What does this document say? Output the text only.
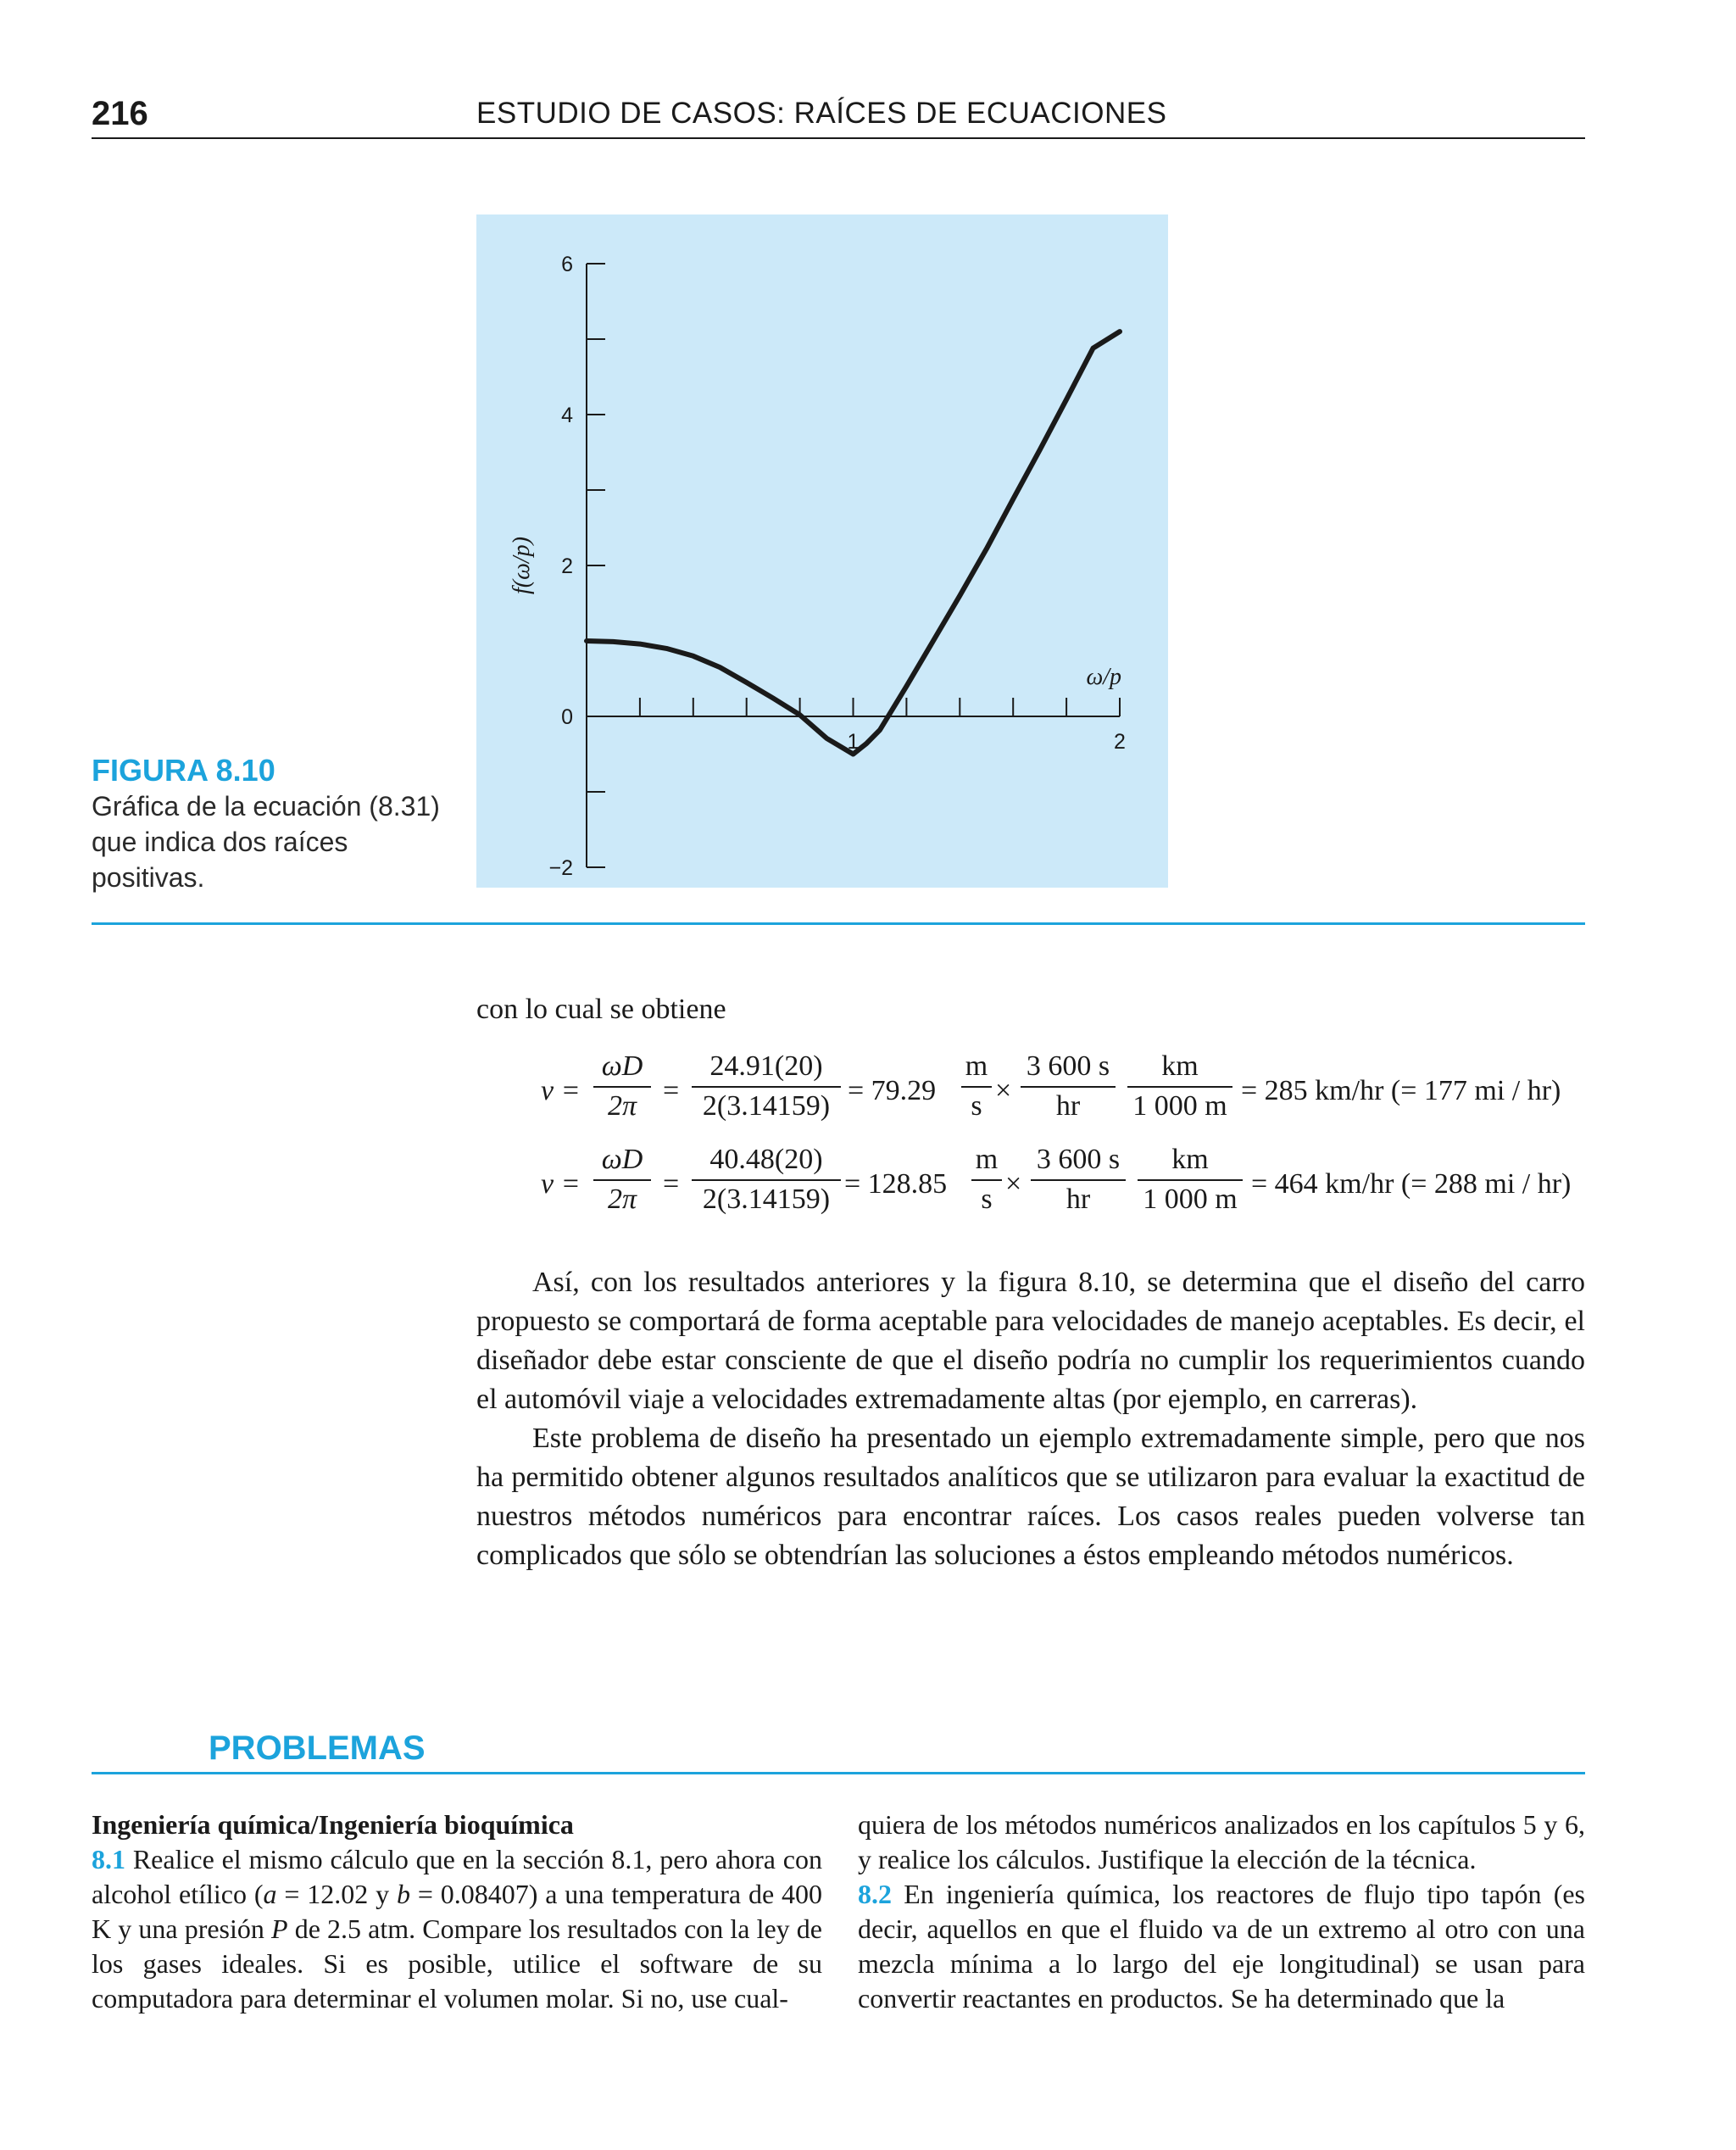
216	ESTUDIO DE CASOS: RAÍCES DE ECUACIONES
−2
0
2
4
6
1	2
ω/p
f(ω/p)
FIGURA 8.10
Gráfica de la ecuación (8.31) que indica dos raíces positivas.
con lo cual se obtiene
$v = \frac{\omega D}{2\pi} = \frac{24.91(20)}{2(3.14159)} = 79.29 \frac{m}{s} \times \frac{3 600 s}{hr} \frac{km}{1 000 m} = 285$ km/hr (= 177 mi / hr)
$v = \frac{\omega D}{2\pi} = \frac{40.48(20)}{2(3.14159)} = 128.85 \frac{m}{s} \times \frac{3 600 s}{hr} \frac{km}{1 000 m} = 464$ km/hr (= 288 mi / hr)

Así, con los resultados anteriores y la figura 8.10, se determina que el diseño del carro propuesto se comportará de forma aceptable para velocidades de manejo aceptables. Es decir, el diseñador debe estar consciente de que el diseño podría no cumplir los requerimientos cuando el automóvil viaje a velocidades extremadamente altas (por ejemplo, en carreras).

Este problema de diseño ha presentado un ejemplo extremadamente simple, pero que nos ha permitido obtener algunos resultados analíticos que se utilizaron para evaluar la exactitud de nuestros métodos numéricos para encontrar raíces. Los casos reales pueden volverse tan complicados que sólo se obtendrían las soluciones a éstos empleando métodos numéricos.

PROBLEMAS

Ingeniería química/Ingeniería bioquímica

8.1 Realice el mismo cálculo que en la sección 8.1, pero ahora con alcohol etílico (a = 12.02 y b = 0.08407) a una temperatura de 400 K y una presión P de 2.5 atm. Compare los resultados con la ley de los gases ideales. Si es posible, utilice el software de su computadora para determinar el volumen molar. Si no, use cual-

quiera de los métodos numéricos analizados en los capítulos 5 y 6, y realice los cálculos. Justifique la elección de la técnica.

8.2 En ingeniería química, los reactores de flujo tipo tapón (es decir, aquellos en que el fluido va de un extremo al otro con una mezcla mínima a lo largo del eje longitudinal) se usan para convertir reactantes en productos. Se ha determinado que la
